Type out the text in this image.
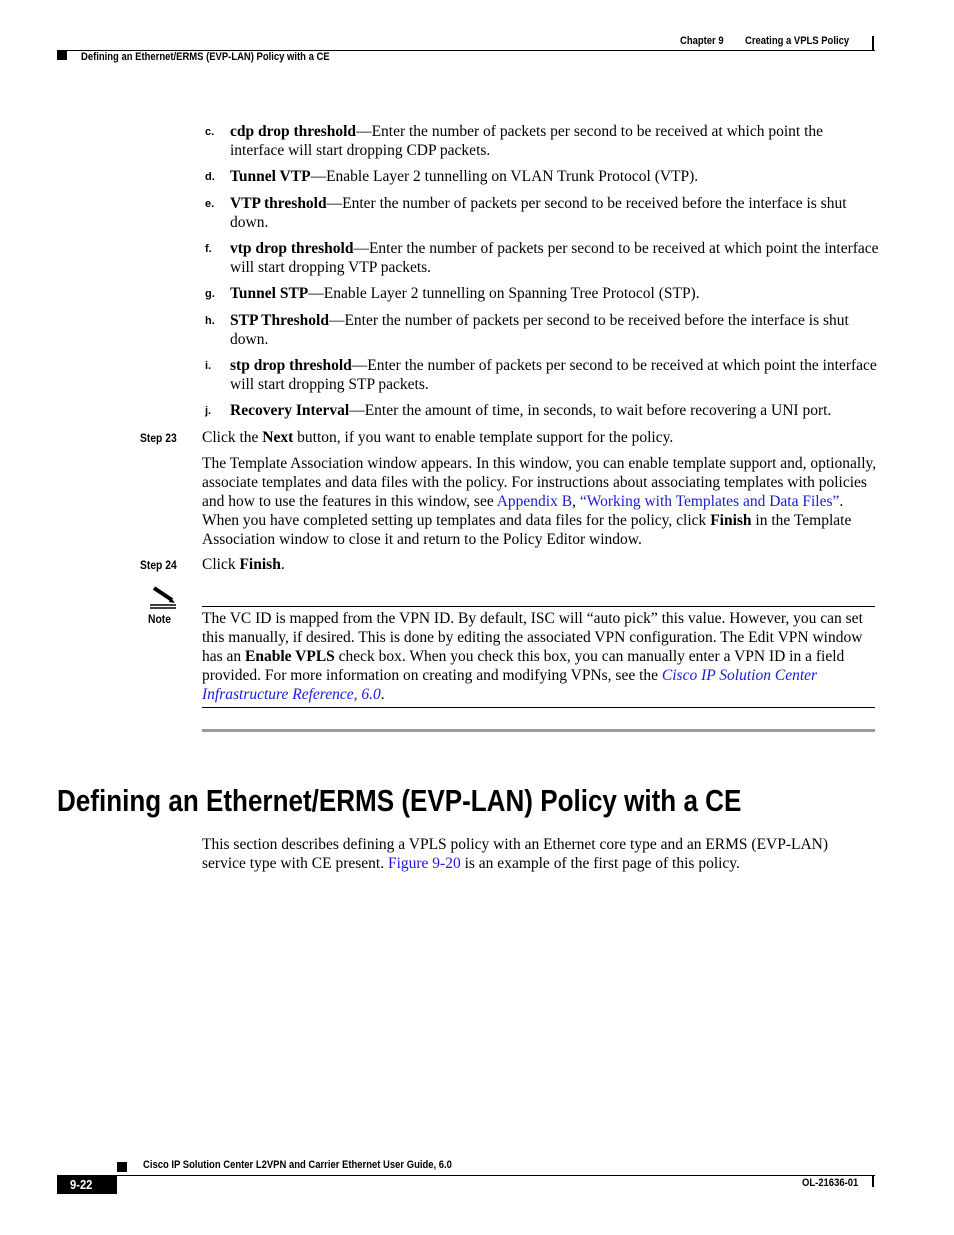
Chapter 9 Creating a VPLS Policy
Defining an Ethernet/ERMS (EVP-LAN) Policy with a CE
c. cdp drop threshold—Enter the number of packets per second to be received at which point the interface will start dropping CDP packets.
d. Tunnel VTP—Enable Layer 2 tunnelling on VLAN Trunk Protocol (VTP).
e. VTP threshold—Enter the number of packets per second to be received before the interface is shut down.
f. vtp drop threshold—Enter the number of packets per second to be received at which point the interface will start dropping VTP packets.
g. Tunnel STP—Enable Layer 2 tunnelling on Spanning Tree Protocol (STP).
h. STP Threshold—Enter the number of packets per second to be received before the interface is shut down.
i. stp drop threshold—Enter the number of packets per second to be received at which point the interface will start dropping STP packets.
j. Recovery Interval—Enter the amount of time, in seconds, to wait before recovering a UNI port.
Step 23 Click the Next button, if you want to enable template support for the policy.
The Template Association window appears. In this window, you can enable template support and, optionally, associate templates and data files with the policy. For instructions about associating templates with policies and how to use the features in this window, see Appendix B, “Working with Templates and Data Files”. When you have completed setting up templates and data files for the policy, click Finish in the Template Association window to close it and return to the Policy Editor window.
Step 24 Click Finish.
Note The VC ID is mapped from the VPN ID. By default, ISC will “auto pick” this value. However, you can set this manually, if desired. This is done by editing the associated VPN configuration. The Edit VPN window has an Enable VPLS check box. When you check this box, you can manually enter a VPN ID in a field provided. For more information on creating and modifying VPNs, see the Cisco IP Solution Center Infrastructure Reference, 6.0.
Defining an Ethernet/ERMS (EVP-LAN) Policy with a CE
This section describes defining a VPLS policy with an Ethernet core type and an ERMS (EVP-LAN) service type with CE present. Figure 9-20 is an example of the first page of this policy.
Cisco IP Solution Center L2VPN and Carrier Ethernet User Guide, 6.0
9-22	OL-21636-01
